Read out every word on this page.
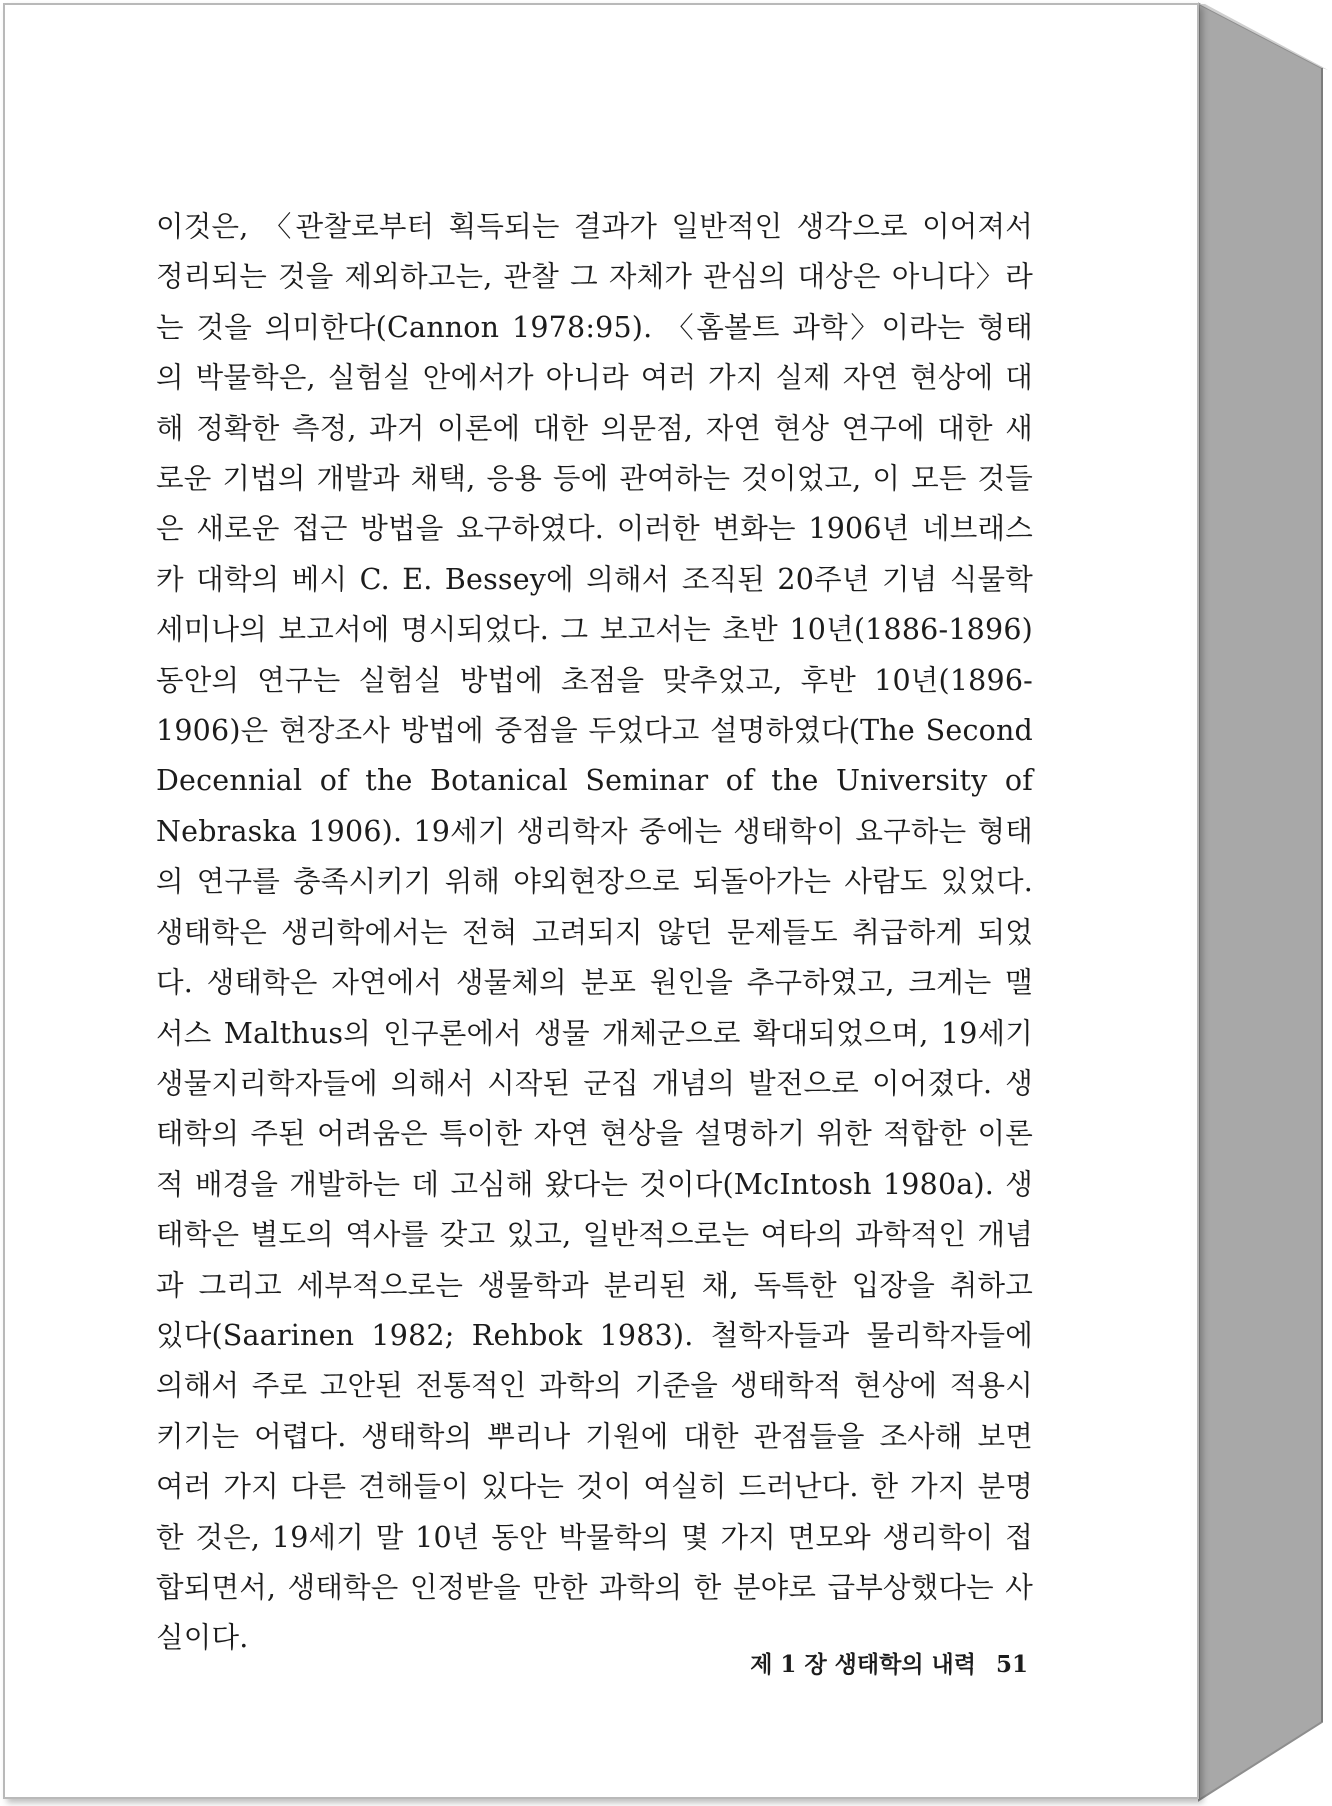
이것은, 〈관찰로부터 획득되는 결과가 일반적인 생각으로 이어져서 정리되는 것을 제외하고는, 관찰 그 자체가 관심의 대상은 아니다〉라는 것을 의미한다(Cannon 1978:95). 〈홈볼트 과학〉이라는 형태의 박물학은, 실험실 안에서가 아니라 여러 가지 실제 자연 현상에 대해 정확한 측정, 과거 이론에 대한 의문점, 자연 현상 연구에 대한 새로운 기법의 개발과 채택, 응용 등에 관여하는 것이었고, 이 모든 것들은 새로운 접근 방법을 요구하였다. 이러한 변화는 1906년 네브래스카 대학의 베시 C. E. Bessey에 의해서 조직된 20주년 기념 식물학 세미나의 보고서에 명시되었다. 그 보고서는 초반 10년(1886-1896) 동안의 연구는 실험실 방법에 초점을 맞추었고, 후반 10년(1896-1906)은 현장조사 방법에 중점을 두었다고 설명하였다(The Second Decennial of the Botanical Seminar of the University of Nebraska 1906). 19세기 생리학자 중에는 생태학이 요구하는 형태의 연구를 충족시키기 위해 야외현장으로 되돌아가는 사람도 있었다. 생태학은 생리학에서는 전혀 고려되지 않던 문제들도 취급하게 되었다. 생태학은 자연에서 생물체의 분포 원인을 추구하였고, 크게는 맬서스 Malthus의 인구론에서 생물 개체군으로 확대되었으며, 19세기 생물지리학자들에 의해서 시작된 군집 개념의 발전으로 이어졌다. 생태학의 주된 어려움은 특이한 자연 현상을 설명하기 위한 적합한 이론적 배경을 개발하는 데 고심해 왔다는 것이다(McIntosh 1980a). 생태학은 별도의 역사를 갖고 있고, 일반적으로는 여타의 과학적인 개념과 그리고 세부적으로는 생물학과 분리된 채, 독특한 입장을 취하고 있다(Saarinen 1982; Rehbok 1983). 철학자들과 물리학자들에 의해서 주로 고안된 전통적인 과학의 기준을 생태학적 현상에 적용시키기는 어렵다. 생태학의 뿌리나 기원에 대한 관점들을 조사해 보면 여러 가지 다른 견해들이 있다는 것이 여실히 드러난다. 한 가지 분명한 것은, 19세기 말 10년 동안 박물학의 몇 가지 면모와 생리학이 접합되면서, 생태학은 인정받을 만한 과학의 한 분야로 급부상했다는 사실이다.

제 1 장 생태학의 내력 51
